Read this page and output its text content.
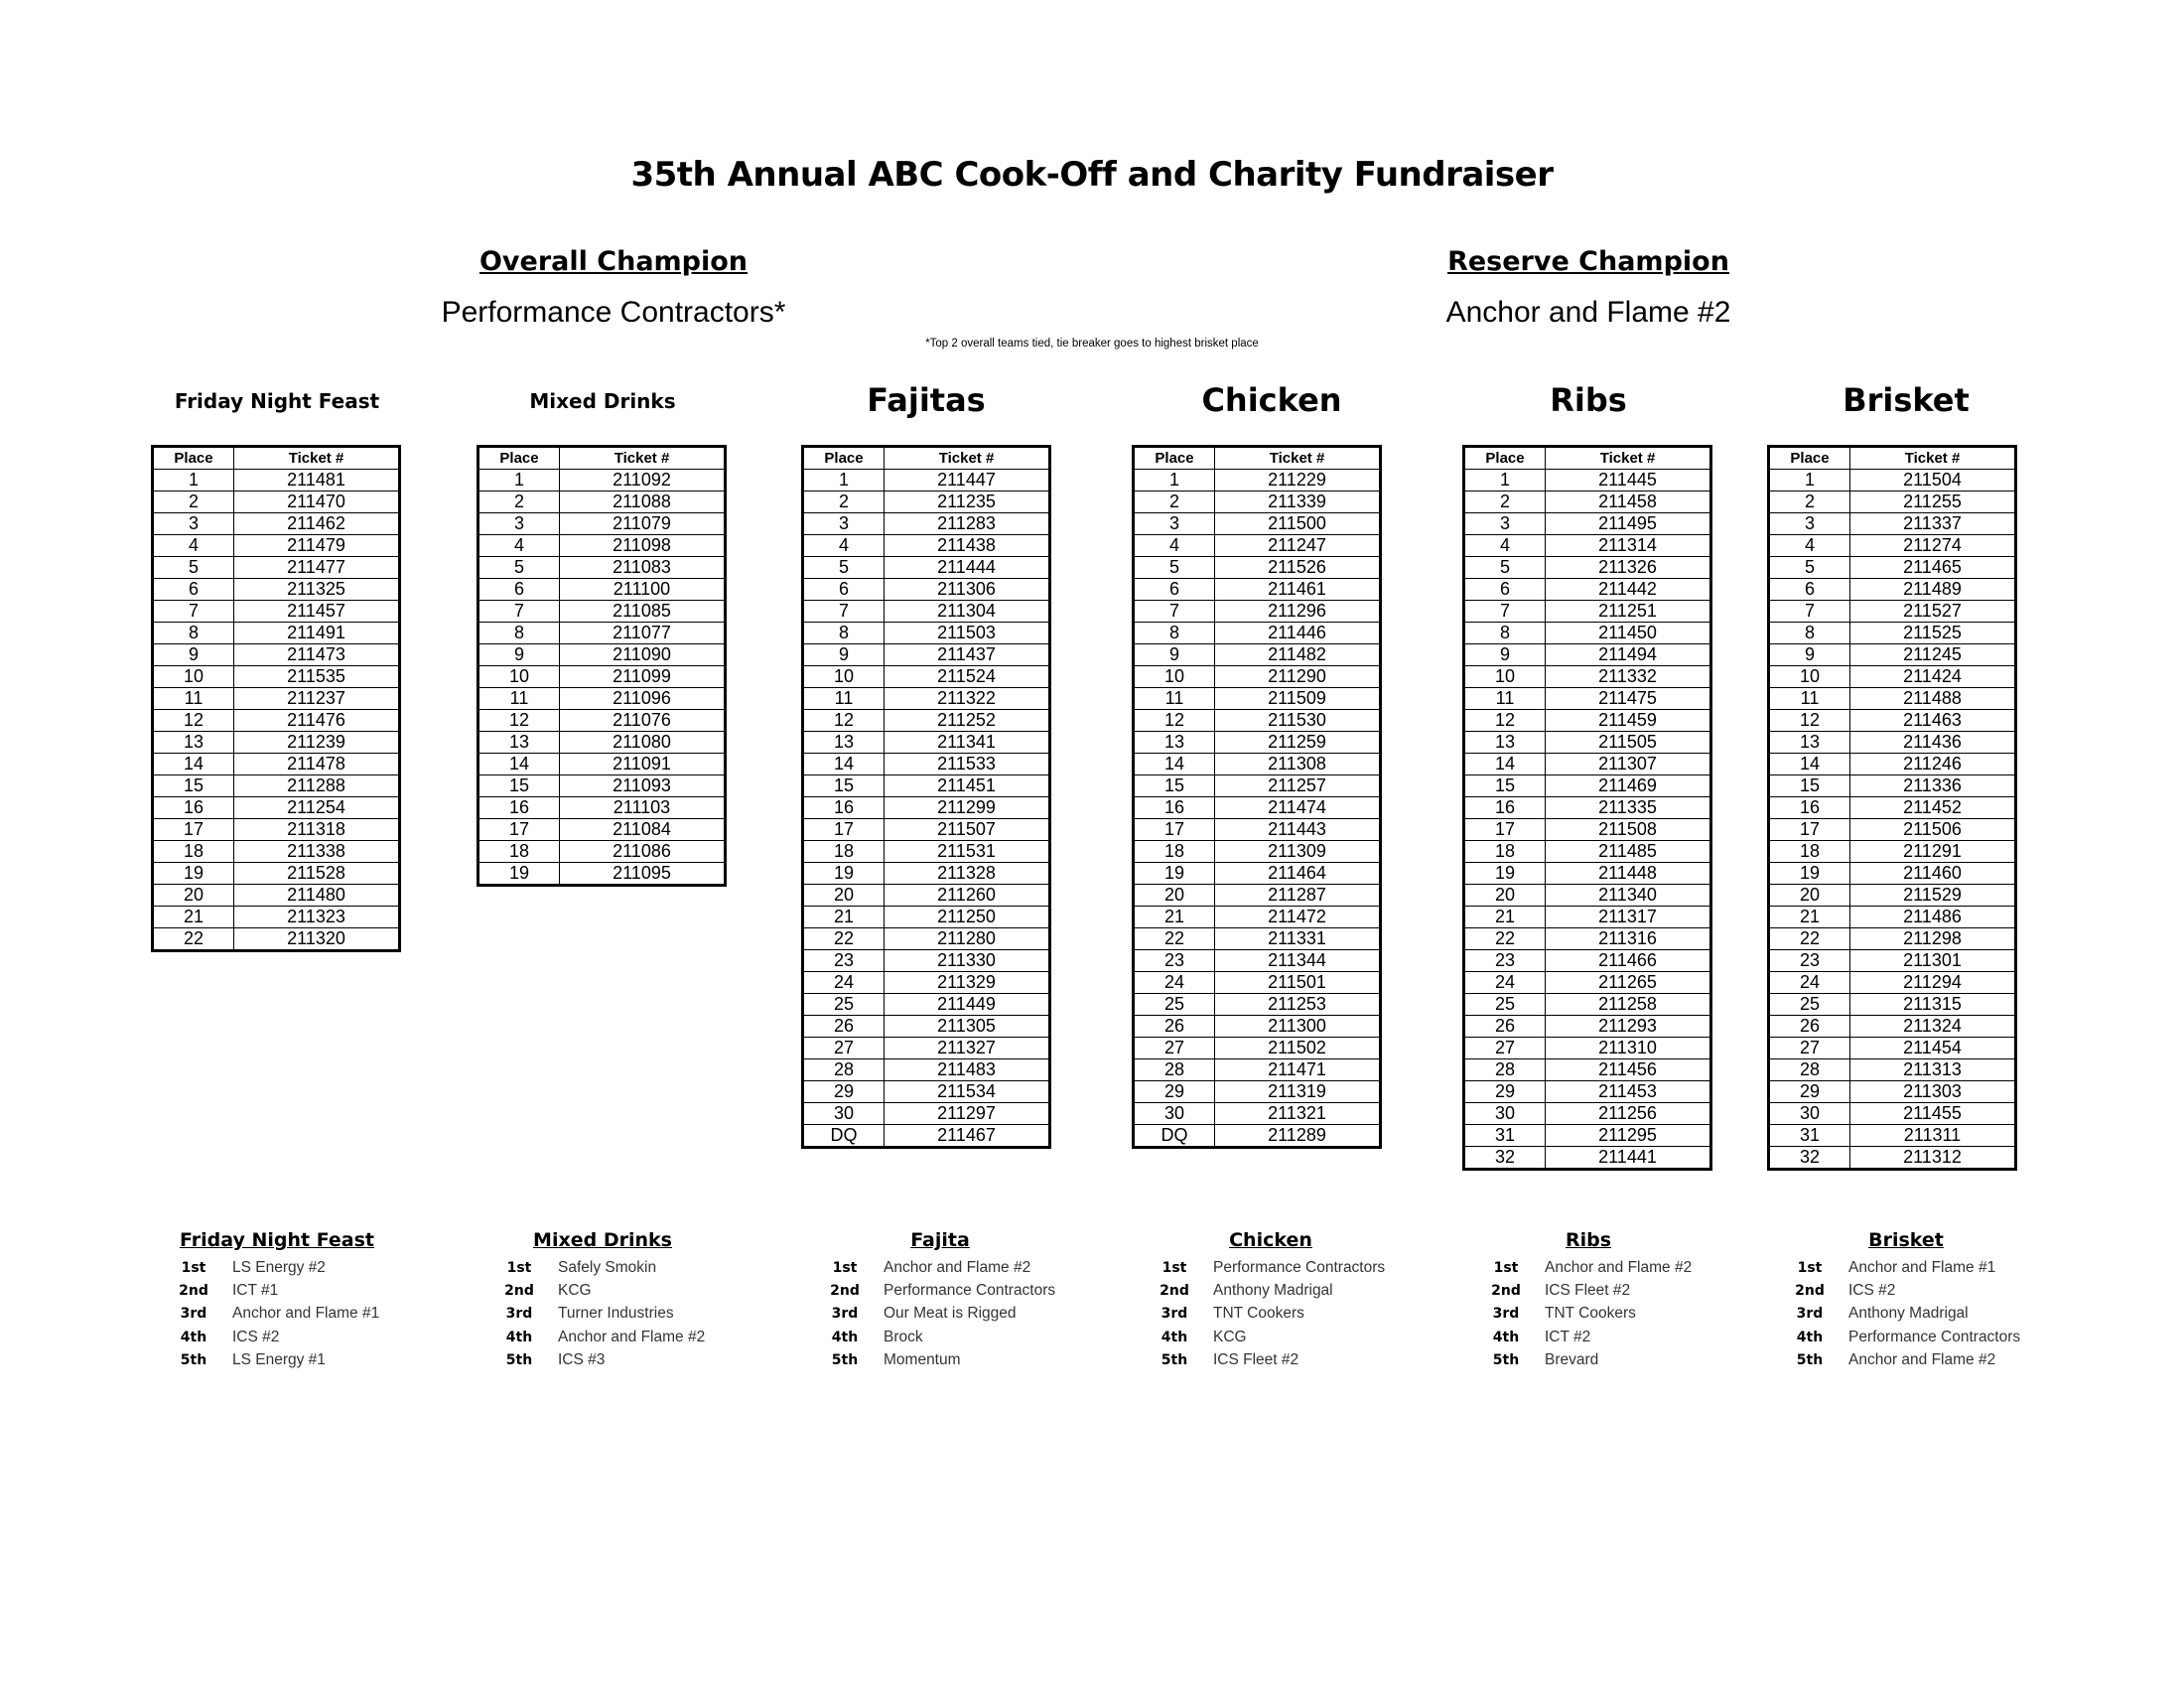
35th Annual ABC Cook-Off and Charity Fundraiser
Overall Champion
Performance Contractors*
Reserve Champion
Anchor and Flame #2
*Top 2 overall teams tied, tie breaker goes to highest brisket place
Friday Night Feast	Mixed Drinks	Fajitas	Chicken	Ribs	Brisket
Place	Ticket #
1	211481
2	211470
3	211462
4	211479
5	211477
6	211325
7	211457
8	211491
9	211473
10	211535
11	211237
12	211476
13	211239
14	211478
15	211288
16	211254
17	211318
18	211338
19	211528
20	211480
21	211323
22	211320
Place	Ticket #
1	211092
2	211088
3	211079
4	211098
5	211083
6	211100
7	211085
8	211077
9	211090
10	211099
11	211096
12	211076
13	211080
14	211091
15	211093
16	211103
17	211084
18	211086
19	211095
Place	Ticket #
1	211447
2	211235
3	211283
4	211438
5	211444
6	211306
7	211304
8	211503
9	211437
10	211524
11	211322
12	211252
13	211341
14	211533
15	211451
16	211299
17	211507
18	211531
19	211328
20	211260
21	211250
22	211280
23	211330
24	211329
25	211449
26	211305
27	211327
28	211483
29	211534
30	211297
DQ	211467
Place	Ticket #
1	211229
2	211339
3	211500
4	211247
5	211526
6	211461
7	211296
8	211446
9	211482
10	211290
11	211509
12	211530
13	211259
14	211308
15	211257
16	211474
17	211443
18	211309
19	211464
20	211287
21	211472
22	211331
23	211344
24	211501
25	211253
26	211300
27	211502
28	211471
29	211319
30	211321
DQ	211289
Place	Ticket #
1	211445
2	211458
3	211495
4	211314
5	211326
6	211442
7	211251
8	211450
9	211494
10	211332
11	211475
12	211459
13	211505
14	211307
15	211469
16	211335
17	211508
18	211485
19	211448
20	211340
21	211317
22	211316
23	211466
24	211265
25	211258
26	211293
27	211310
28	211456
29	211453
30	211256
31	211295
32	211441
Place	Ticket #
1	211504
2	211255
3	211337
4	211274
5	211465
6	211489
7	211527
8	211525
9	211245
10	211424
11	211488
12	211463
13	211436
14	211246
15	211336
16	211452
17	211506
18	211291
19	211460
20	211529
21	211486
22	211298
23	211301
24	211294
25	211315
26	211324
27	211454
28	211313
29	211303
30	211455
31	211311
32	211312
Friday Night Feast	Mixed Drinks	Fajita	Chicken	Ribs	Brisket
1st LS Energy #2
2nd ICT #1
3rd Anchor and Flame #1
4th ICS #2
5th LS Energy #1
1st Safely Smokin
2nd KCG
3rd Turner Industries
4th Anchor and Flame #2
5th ICS #3
1st Anchor and Flame #2
2nd Performance Contractors
3rd Our Meat is Rigged
4th Brock
5th Momentum
1st Performance Contractors
2nd Anthony Madrigal
3rd TNT Cookers
4th KCG
5th ICS Fleet #2
1st Anchor and Flame #2
2nd ICS Fleet #2
3rd TNT Cookers
4th ICT #2
5th Brevard
1st Anchor and Flame #1
2nd ICS #2
3rd Anthony Madrigal
4th Performance Contractors
5th Anchor and Flame #2
